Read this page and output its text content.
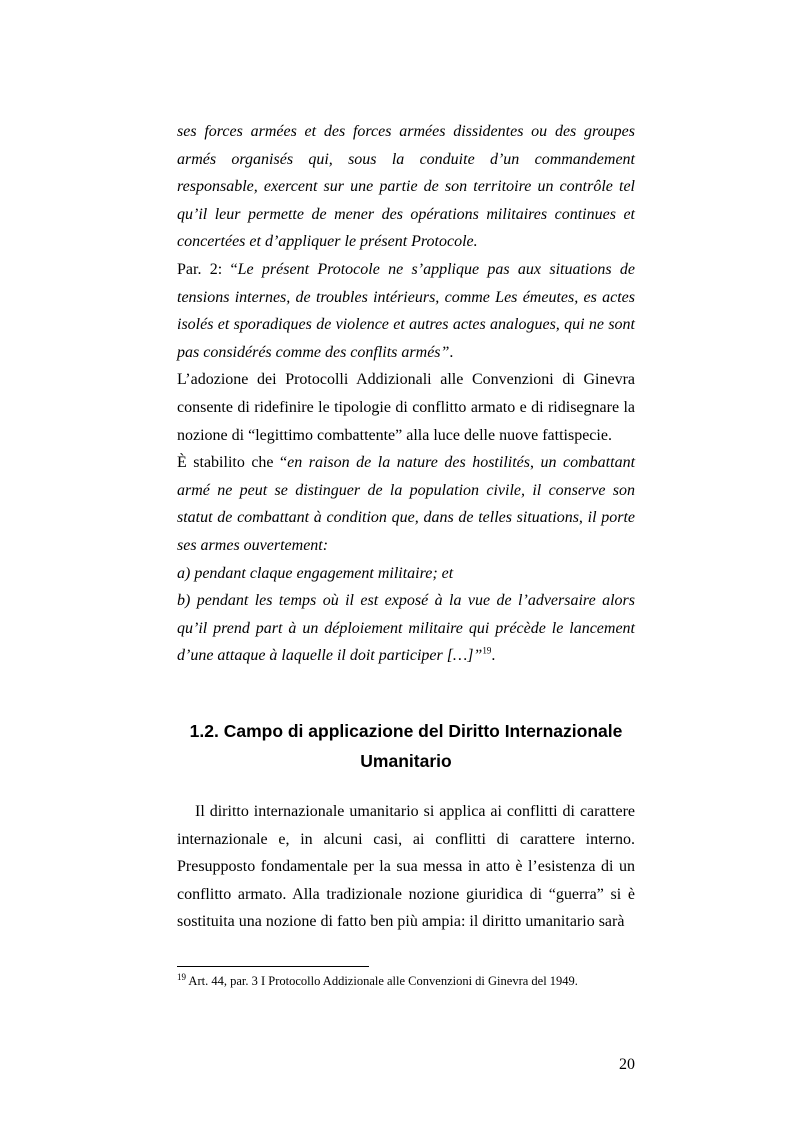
ses forces armées et des forces armées dissidentes ou des groupes armés organisés qui, sous la conduite d’un commandement responsable, exercent sur une partie de son territoire un contrôle tel qu’il leur permette de mener des opérations militaires continues et concertées et d’appliquer le présent Protocole.

Par. 2: “Le présent Protocole ne s’applique pas aux situations de tensions internes, de troubles intérieurs, comme Les émeutes, es actes isolés et sporadiques de violence et autres actes analogues, qui ne sont pas considérés comme des conflits armés”.

L’adozione dei Protocolli Addizionali alle Convenzioni di Ginevra consente di ridefinire le tipologie di conflitto armato e di ridisegnare la nozione di “legittimo combattente” alla luce delle nuove fattispecie.

È stabilito che “en raison de la nature des hostilités, un combattant armé ne peut se distinguer de la population civile, il conserve son statut de combattant à condition que, dans de telles situations, il porte ses armes ouvertement:

a) pendant claque engagement militaire; et

b) pendant les temps où il est exposé à la vue de l’adversaire alors qu’il prend part à un déploiement militaire qui précède le lancement d’une attaque à laquelle il doit participer […]”$^{19}$.

1.2. Campo di applicazione del Diritto Internazionale
Umanitario

Il diritto internazionale umanitario si applica ai conflitti di carattere internazionale e, in alcuni casi, ai conflitti di carattere interno. Presupposto fondamentale per la sua messa in atto è l’esistenza di un conflitto armato. Alla tradizionale nozione giuridica di “guerra” si è sostituita una nozione di fatto ben più ampia: il diritto umanitario sarà

$^{19}$ Art. 44, par. 3 I Protocollo Addizionale alle Convenzioni di Ginevra del 1949.

20
